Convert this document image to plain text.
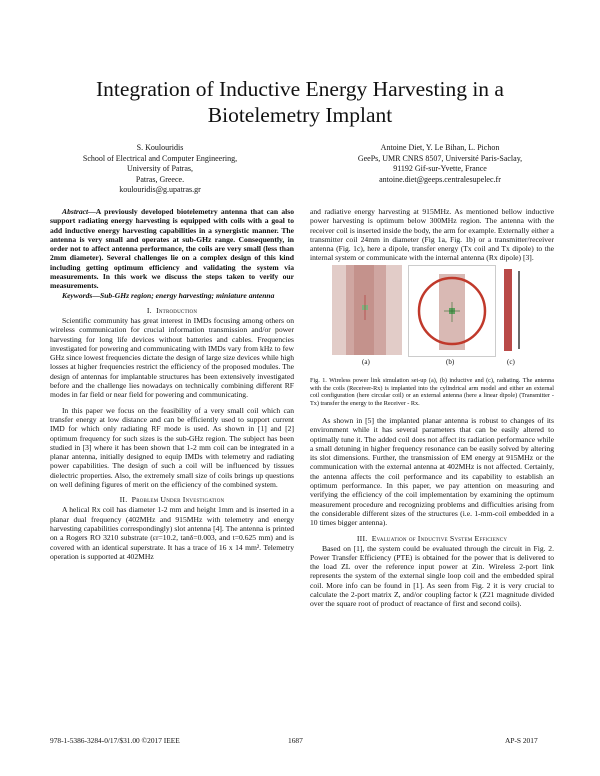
Integration of Inductive Energy Harvesting in a Biotelemetry Implant
S. Koulouridis
School of Electrical and Computer Engineering,
University of Patras,
Patras, Greece.
koulouridis@g.upatras.gr
Antoine Diet, Y. Le Bihan, L. Pichon
GeePs, UMR CNRS 8507, Université Paris-Saclay,
91192 Gif-sur-Yvette, France
antoine.diet@geeps.centralesupelec.fr

Abstract—A previously developed biotelemetry antenna that can also support radiating energy harvesting is equipped with coils with a goal to add inductive energy harvesting capabilities in a synergistic manner. The antenna is very small and operates at sub-GHz range. Consequently, in order not to affect antenna performance, the coils are very small (less than 2mm diameter). Several challenges lie on a complex design of this kind including getting optimum efficiency and validating the system via measurements. In this work we discuss the steps taken to verify our measurements.

Keywords—Sub-GHz region; energy harvesting; miniature antenna

I. Introduction

Scientific community has great interest in IMDs focusing among others on wireless communication for crucial information transmission and/or power harvesting for long life devices without batteries and cables. Frequencies investigated for powering and communicating with IMDs vary from kHz to few GHz since lowest frequencies dictate the design of large size devices while high losses at higher frequencies restrict the efficiency of the proposed modules. The design of antennas for implantable structures has been extensively investigated before and the challenge lies nowadays on technically combining different RF modes in far field or near field for powering and communicating.

In this paper we focus on the feasibility of a very small coil which can transfer energy at low distance and can be efficiently used to support current IMD for which only radiating RF mode is used. As shown in [1] and [2] optimum frequency for such sizes is the sub-GHz region. The subject has been studied in [3] where it has been shown that 1-2 mm coil can be integrated in a planar antenna, initially designed to equip IMDs with telemetry and radiating power capabilities. The design of such a coil will be influenced by tissues dielectric properties. Also, the extremely small size of coils brings up questions on well defining figures of merit on the efficiency of the combined system.

II. Problem Under Investigation

A helical Rx coil has diameter 1-2 mm and height 1mm and is inserted in a planar dual frequency (402MHz and 915MHz with telemetry and energy harvesting capabilities correspondingly) slot antenna [4]. The antenna is printed on a Rogers RO 3210 substrate (εr=10.2, tanδ=0.003, and t=0.625 mm) and is covered with an identical superstrate. It has a trace of 16 x 14 mm². Telemetry operation is supported at 402MHz

and radiative energy harvesting at 915MHz. As mentioned bellow inductive power harvesting is optimum below 300MHz region. The antenna with the receiver coil is inserted inside the body, the arm for example. Externally either a transmitter coil 24mm in diameter (Fig 1a, Fig. 1b) or a transmitter/receiver antenna (Fig. 1c), here a dipole, transfer energy (Tx coil and Tx dipole) to the internal system or communicate with the internal antenna (Rx dipole) [3].

(a)	(b)	(c)

Fig. 1. Wireless power link simulation set-up (a), (b) inductive and (c), radiating. The antenna with the coils (Receiver-Rx) is implanted into the cylindrical arm model and either an external coil configuration (here circular coil) or an external antenna (here a linear dipole) (Transmitter -Tx) transfer the energy to the Receiver - Rx.

As shown in [5] the implanted planar antenna is robust to changes of its environment while it has several parameters that can be easily altered to optimally tune it. The added coil does not affect its radiation performance while a small detuning in higher frequency resonance can be easily solved by altering its slot dimensions. Further, the transmission of EM energy at 915MHz or the communication with the external antenna at 402MHz is not affected. Certainly, the antenna affects the coil performance and its capability to establish an optimum performance. In this paper, we pay attention on measuring and verifying the efficiency of the coil implementation by examining the optimum measurement procedure and recognizing problems and difficulties arising from the considerable different sizes of the structures (i.e. 1-mm-coil embedded in a 10 times bigger antenna).

III. Evaluation of Inductive System Efficiency

Based on [1], the system could be evaluated through the circuit in Fig. 2. Power Transfer Efficiency (PTE) is obtained for the power that is delivered to the load ZL over the reference input power at Zin. Wireless 2-port link represents the system of the external single loop coil and the embedded spiral coil. More info can be found in [1]. As seen from Fig. 2 it is very crucial to calculate the 2-port matrix Z, and/or coupling factor k (Z21 magnitude divided over the square root of product of reactance of first and second coils).

978-1-5386-3284-0/17/$31.00 ©2017 IEEE	1687	AP-S 2017
